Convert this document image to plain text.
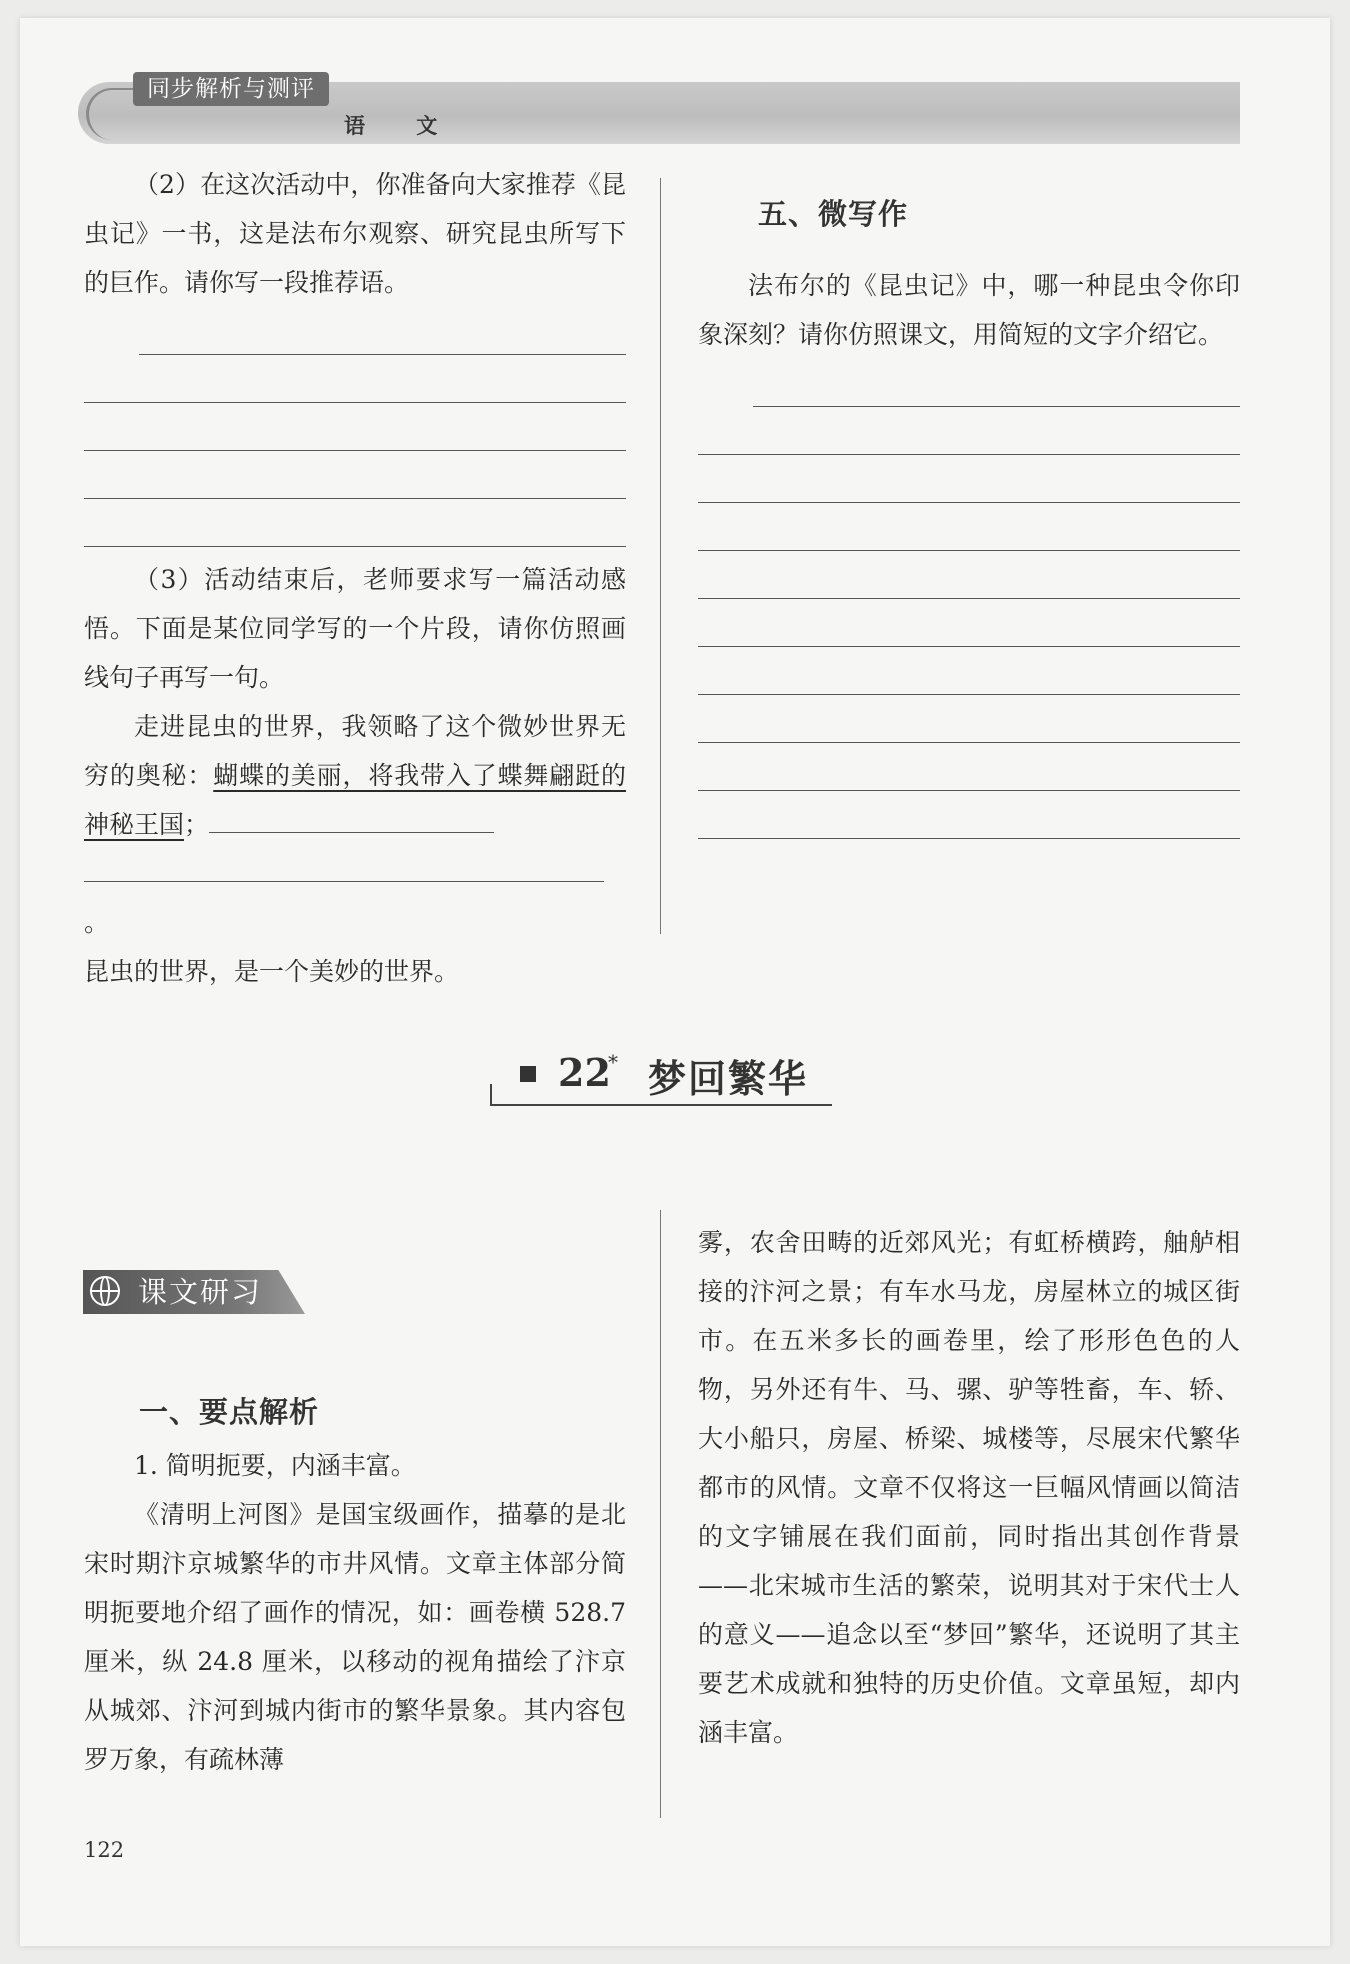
同步解析与测评
语 文

（2）在这次活动中，你准备向大家推荐《昆虫记》一书，这是法布尔观察、研究昆虫所写下的巨作。请你写一段推荐语。

（3）活动结束后，老师要求写一篇活动感悟。下面是某位同学写的一个片段，请你仿照画线句子再写一句。

走进昆虫的世界，我领略了这个微妙世界无穷的奥秘：蝴蝶的美丽，将我带入了蝶舞翩跹的神秘王国；

。

昆虫的世界，是一个美妙的世界。

五、微写作

法布尔的《昆虫记》中，哪一种昆虫令你印象深刻？请你仿照课文，用简短的文字介绍它。

22
* 梦回繁华
课文研习
一、要点解析

1. 简明扼要，内涵丰富。

《清明上河图》是国宝级画作，描摹的是北宋时期汴京城繁华的市井风情。文章主体部分简明扼要地介绍了画作的情况，如：画卷横 528.7 厘米，纵 24.8 厘米，以移动的视角描绘了汴京从城郊、汴河到城内街市的繁华景象。其内容包罗万象，有疏林薄

雾，农舍田畴的近郊风光；有虹桥横跨，舳舻相接的汴河之景；有车水马龙，房屋林立的城区街市。在五米多长的画卷里，绘了形形色色的人物，另外还有牛、马、骡、驴等牲畜，车、轿、大小船只，房屋、桥梁、城楼等，尽展宋代繁华都市的风情。文章不仅将这一巨幅风情画以简洁的文字铺展在我们面前，同时指出其创作背景——北宋城市生活的繁荣，说明其对于宋代士人的意义——追念以至“梦回”繁华，还说明了其主要艺术成就和独特的历史价值。文章虽短，却内涵丰富。

122
